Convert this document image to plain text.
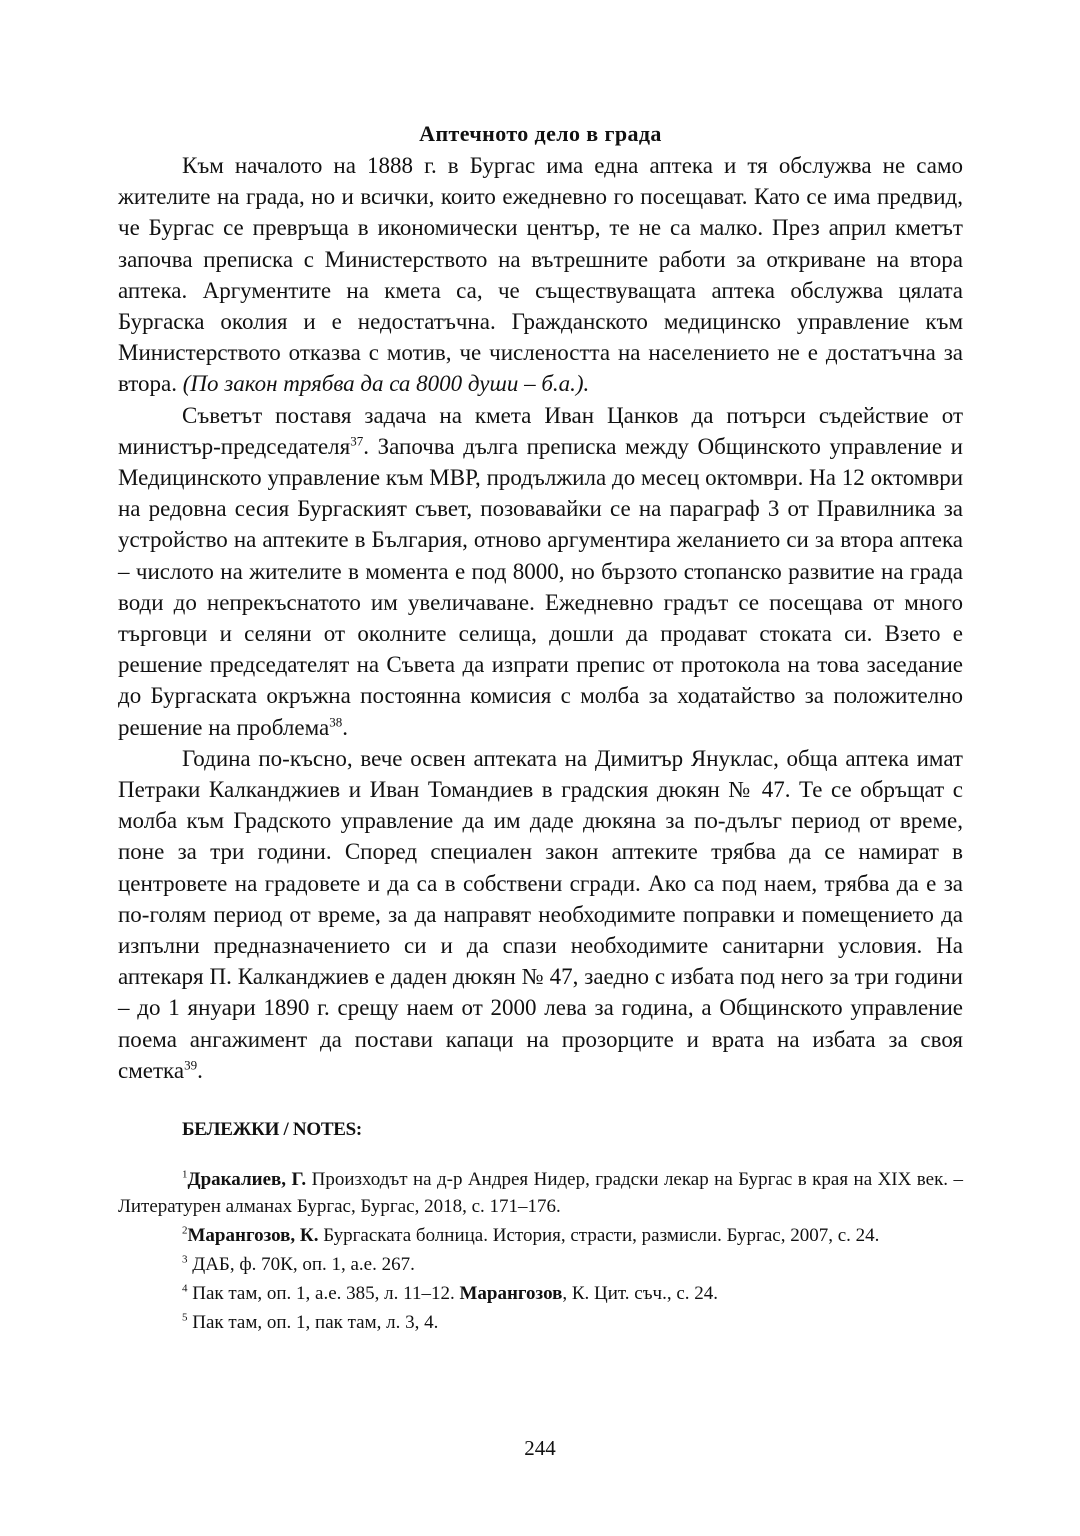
Аптечното дело в града

Към началото на 1888 г. в Бургас има една аптека и тя обслужва не само жителите на града, но и всички, които ежедневно го посещават. Като се има предвид, че Бургас се превръща в икономически център, те не са малко. През април кметът започва преписка с Министерството на вътрешните работи за откриване на втора аптека. Аргументите на кмета са, че съществуващата аптека обслужва цялата Бургаска околия и е недостатъчна. Гражданското медицинско управление към Министерството отказва с мотив, че числеността на населението не е достатъчна за втора. (По закон трябва да са 8000 души – б.а.).

Съветът поставя задача на кмета Иван Цанков да потърси съдействие от министър-председателя$^{37}$. Започва дълга преписка между Общинското управление и Медицинското управление към МВР, продължила до месец октомври. На 12 октомври на редовна сесия Бургаският съвет, позовавайки се на параграф 3 от Правилника за устройство на аптеките в България, отново аргументира желанието си за втора аптека – числото на жителите в момента е под 8000, но бързото стопанско развитие на града води до непрекъснатото им увеличаване. Ежедневно градът се посещава от много търговци и селяни от околните селища, дошли да продават стоката си. Взето е решение председателят на Съвета да изпрати препис от протокола на това заседание до Бургаската окръжна постоянна комисия с молба за ходатайство за положително решение на проблема$^{38}$.

Година по-късно, вече освен аптеката на Димитър Януклас, обща аптека имат Петраки Калканджиев и Иван Томандиев в градския дюкян № 47. Те се обръщат с молба към Градското управление да им даде дюкяна за по-дълъг период от време, поне за три години. Според специален закон аптеките трябва да се намират в центровете на градовете и да са в собствени сгради. Ако са под наем, трябва да е за по-голям период от време, за да направят необходимите поправки и помещението да изпълни предназначението си и да спази необходимите санитарни условия. На аптекаря П. Калканджиев е даден дюкян № 47, заедно с избата под него за три години – до 1 януари 1890 г. срещу наем от 2000 лева за година, а Общинското управление поема ангажимент да постави капаци на прозорците и врата на избата за своя сметка$^{39}$.

БЕЛЕЖКИ / NOTES:

$^1$Дракалиев, Г. Произходът на д-р Андрея Нидер, градски лекар на Бургас в края на XIX век. – Литературен алманах Бургас, Бургас, 2018, с. 171–176.

$^2$Марангозов, К. Бургаската болница. История, страсти, размисли. Бургас, 2007, с. 24.

$^3$ ДАБ, ф. 70К, оп. 1, а.е. 267.

$^4$ Пак там, оп. 1, а.е. 385, л. 11–12. Марангозов, К. Цит. съч., с. 24.

$^5$ Пак там, оп. 1, пак там, л. 3, 4.

244
